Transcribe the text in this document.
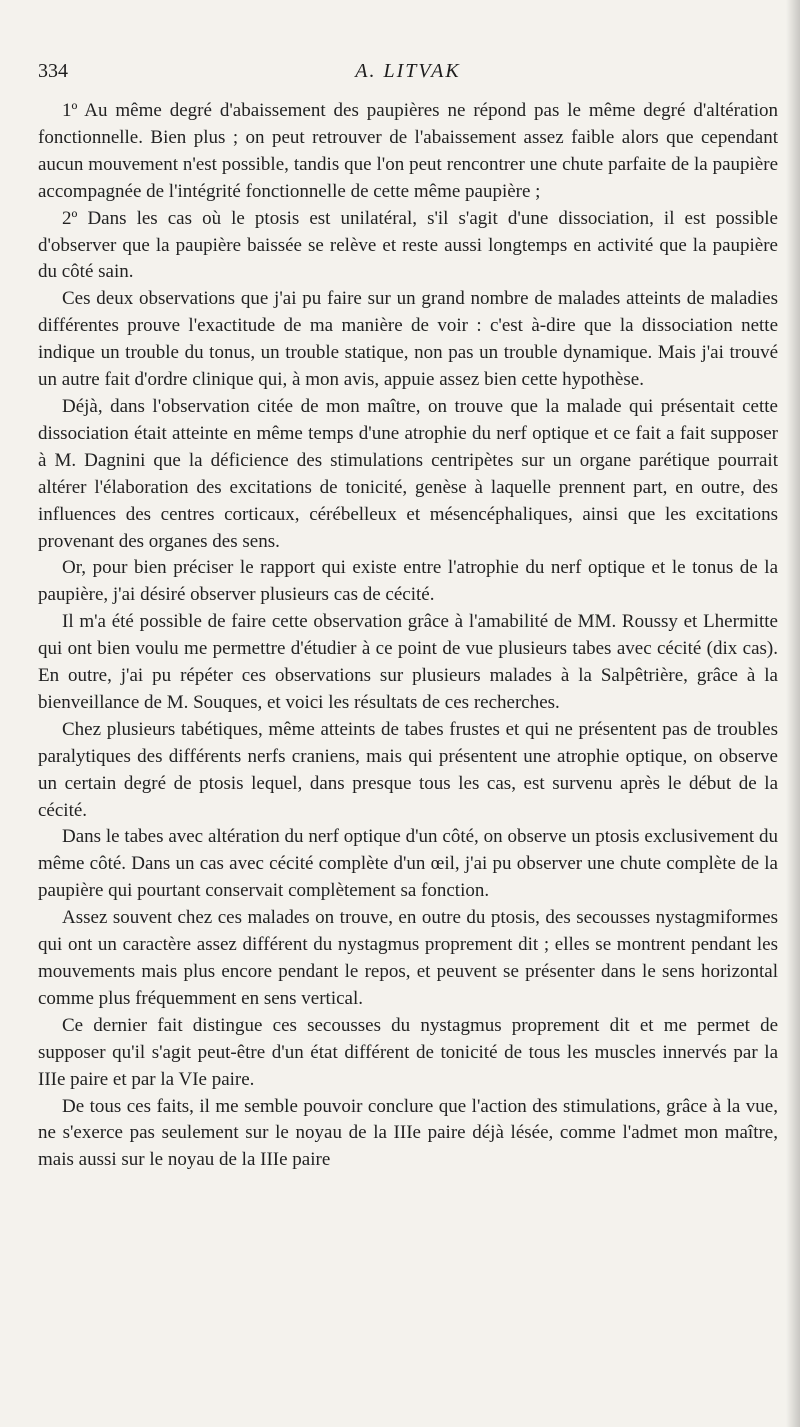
334	A. LITVAK

1º Au même degré d'abaissement des paupières ne répond pas le même degré d'altération fonctionnelle. Bien plus ; on peut retrouver de l'abaissement assez faible alors que cependant aucun mouvement n'est possible, tandis que l'on peut rencontrer une chute parfaite de la paupière accompagnée de l'intégrité fonctionnelle de cette même paupière ;

2º Dans les cas où le ptosis est unilatéral, s'il s'agit d'une dissociation, il est possible d'observer que la paupière baissée se relève et reste aussi longtemps en activité que la paupière du côté sain.

Ces deux observations que j'ai pu faire sur un grand nombre de malades atteints de maladies différentes prouve l'exactitude de ma manière de voir : c'est à-dire que la dissociation nette indique un trouble du tonus, un trouble statique, non pas un trouble dynamique. Mais j'ai trouvé un autre fait d'ordre clinique qui, à mon avis, appuie assez bien cette hypothèse.

Déjà, dans l'observation citée de mon maître, on trouve que la malade qui présentait cette dissociation était atteinte en même temps d'une atrophie du nerf optique et ce fait a fait supposer à M. Dagnini que la déficience des stimulations centripètes sur un organe parétique pourrait altérer l'élaboration des excitations de tonicité, genèse à laquelle prennent part, en outre, des influences des centres corticaux, cérébelleux et mésencéphaliques, ainsi que les excitations provenant des organes des sens.

Or, pour bien préciser le rapport qui existe entre l'atrophie du nerf optique et le tonus de la paupière, j'ai désiré observer plusieurs cas de cécité.

Il m'a été possible de faire cette observation grâce à l'amabilité de MM. Roussy et Lhermitte qui ont bien voulu me permettre d'étudier à ce point de vue plusieurs tabes avec cécité (dix cas). En outre, j'ai pu répéter ces observations sur plusieurs malades à la Salpêtrière, grâce à la bienveillance de M. Souques, et voici les résultats de ces recherches.

Chez plusieurs tabétiques, même atteints de tabes frustes et qui ne présentent pas de troubles paralytiques des différents nerfs craniens, mais qui présentent une atrophie optique, on observe un certain degré de ptosis lequel, dans presque tous les cas, est survenu après le début de la cécité.

Dans le tabes avec altération du nerf optique d'un côté, on observe un ptosis exclusivement du même côté. Dans un cas avec cécité complète d'un œil, j'ai pu observer une chute complète de la paupière qui pourtant conservait complètement sa fonction.

Assez souvent chez ces malades on trouve, en outre du ptosis, des secousses nystagmiformes qui ont un caractère assez différent du nystagmus proprement dit ; elles se montrent pendant les mouvements mais plus encore pendant le repos, et peuvent se présenter dans le sens horizontal comme plus fréquemment en sens vertical.

Ce dernier fait distingue ces secousses du nystagmus proprement dit et me permet de supposer qu'il s'agit peut-être d'un état différent de tonicité de tous les muscles innervés par la IIIe paire et par la VIe paire.

De tous ces faits, il me semble pouvoir conclure que l'action des stimulations, grâce à la vue, ne s'exerce pas seulement sur le noyau de la IIIe paire déjà lésée, comme l'admet mon maître, mais aussi sur le noyau de la IIIe paire
